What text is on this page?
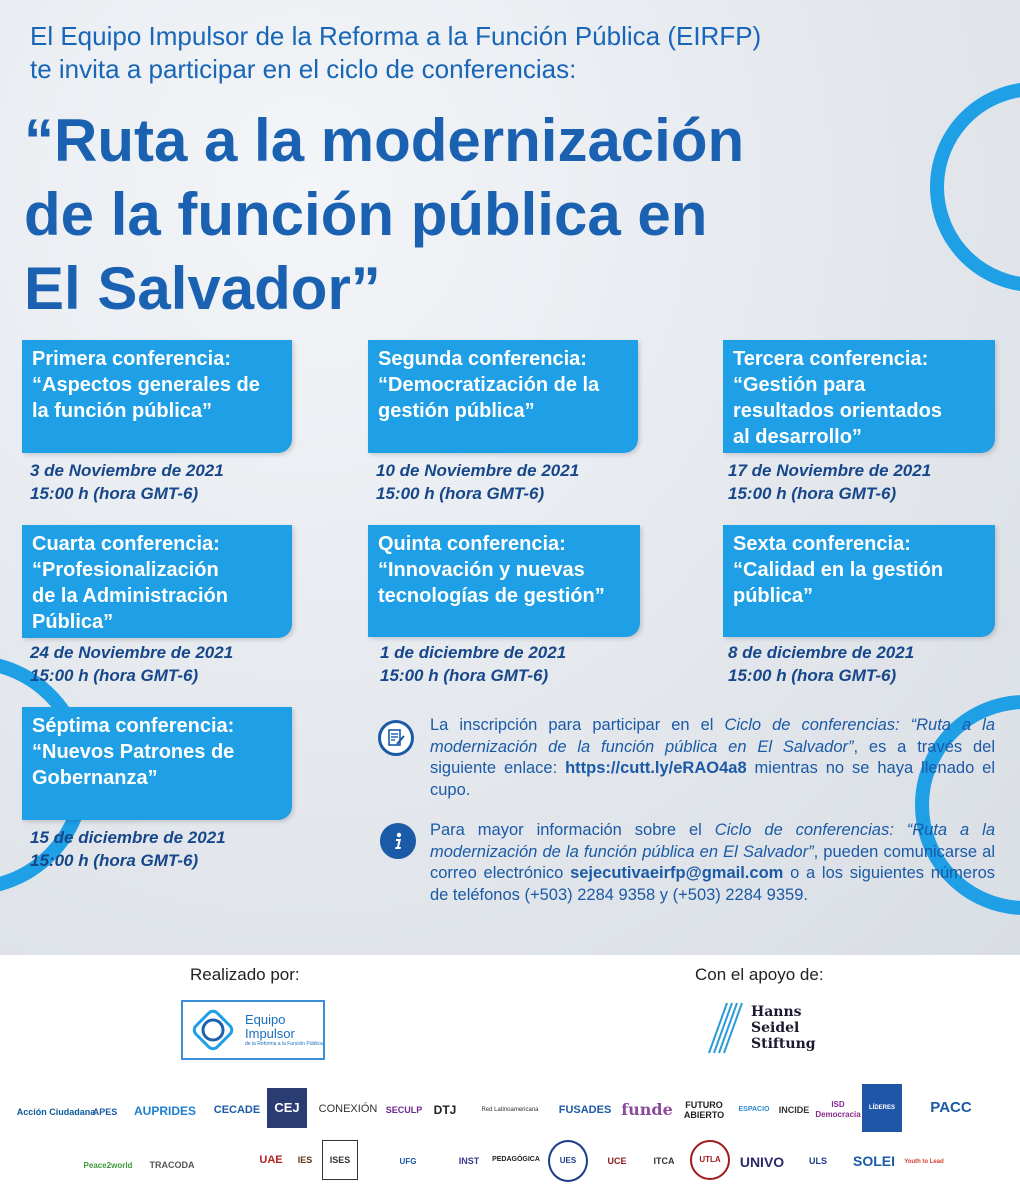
El Equipo Impulsor de la Reforma a la Función Pública (EIRFP)
te invita a participar en el ciclo de conferencias:
“Ruta a la modernización
de la función pública en
El Salvador”
Primera conferencia:
“Aspectos generales de
la función pública”
3 de Noviembre de 2021
15:00 h (hora GMT-6)
Segunda conferencia:
“Democratización de la
gestión pública”
10 de Noviembre de 2021
15:00 h (hora GMT-6)
Tercera conferencia:
“Gestión para
resultados orientados
al desarrollo”
17 de Noviembre de 2021
15:00 h (hora GMT-6)
Cuarta conferencia:
“Profesionalización
de la Administración
Pública”
24 de Noviembre de 2021
15:00 h (hora GMT-6)
Quinta conferencia:
“Innovación y nuevas
tecnologías de gestión”
1 de diciembre de 2021
15:00 h (hora GMT-6)
Sexta conferencia:
“Calidad en la gestión
pública”
8 de diciembre de 2021
15:00 h (hora GMT-6)
Séptima conferencia:
“Nuevos Patrones de
Gobernanza”
15 de diciembre de 2021
15:00 h (hora GMT-6)
La inscripción para participar en el Ciclo de conferencias: “Ruta a la modernización de la función pública en El Salvador”, es a través del siguiente enlace: https://cutt.ly/eRAO4a8 mientras no se haya llenado el cupo.
Para mayor información sobre el Ciclo de conferencias: “Ruta a la modernización de la función pública en El Salvador”, pueden comunicarse al correo electrónico sejecutivaeirfp@gmail.com o a los siguientes números de teléfonos (+503) 2284 9358 y (+503) 2284 9359.
Realizado por:	Con el apoyo de:
Equipo
Impulsor
de la Reforma a la Función Pública
Hanns
Seidel
Stiftung
Acción Ciudadana
APES	AUPRIDES	CECADE	CEJ	CONEXIÓN SECULP DTJ	Red Latinoamericana	FUSADES funde	FUTURO ABIERTO
ESPACIO	INCIDE
ISD Democracia
LÍDERES	PACC
Peace2world	TRACODA	UAE	IES	ISES	UFG	INST	PEDAGÓGICA	UES	UCE	ITCA	UTLA	UNIVO	ULS	SOLEI	Youth to Lead
